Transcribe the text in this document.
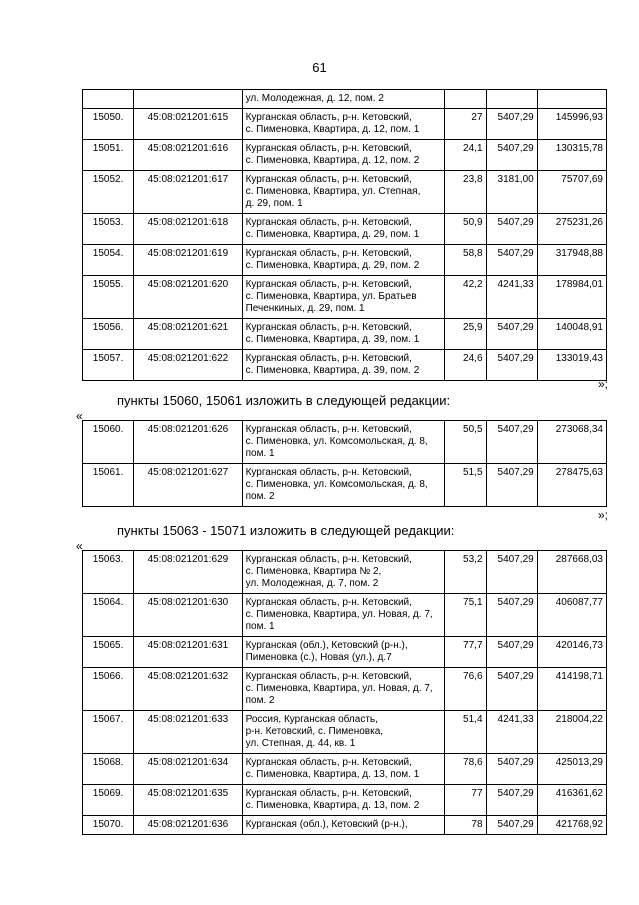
61
		ул. Молодежная, д. 12, пом. 2			
15050.	45:08:021201:615	Курганская область, р-н. Кетовский,
с. Пименовка, Квартира, д. 12, пом. 1	27	5407,29	145996,93
15051.	45:08:021201:616	Курганская область, р-н. Кетовский,
с. Пименовка, Квартира, д. 12, пом. 2	24,1	5407,29	130315,78
15052.	45:08:021201:617	Курганская область, р-н. Кетовский,
с. Пименовка, Квартира, ул. Степная,
д. 29, пом. 1	23,8	3181,00	75707,69
15053.	45:08:021201:618	Курганская область, р-н. Кетовский,
с. Пименовка, Квартира, д. 29, пом. 1	50,9	5407,29	275231,26
15054.	45:08:021201:619	Курганская область, р-н. Кетовский,
с. Пименовка, Квартира, д. 29, пом. 2	58,8	5407,29	317948,88
15055.	45:08:021201:620	Курганская область, р-н. Кетовский,
с. Пименовка, Квартира, ул. Братьев
Печенкиных, д. 29, пом. 1	42,2	4241,33	178984,01
15056.	45:08:021201:621	Курганская область, р-н. Кетовский,
с. Пименовка, Квартира, д. 39, пом. 1	25,9	5407,29	140048,91
15057.	45:08:021201:622	Курганская область, р-н. Кетовский,
с. Пименовка, Квартира, д. 39, пом. 2	24,6	5407,29	133019,43
»;
пункты 15060, 15061 изложить в следующей редакции:
«
15060.	45:08:021201:626	Курганская область, р-н. Кетовский,
с. Пименовка, ул. Комсомольская, д. 8,
пом. 1	50,5	5407,29	273068,34
15061.	45:08:021201:627	Курганская область, р-н. Кетовский,
с. Пименовка, ул. Комсомольская, д. 8,
пом. 2	51,5	5407,29	278475,63
»;
пункты 15063 - 15071 изложить в следующей редакции:
«
15063.	45:08:021201:629	Курганская область, р-н. Кетовский,
с. Пименовка, Квартира № 2,
ул. Молодежная, д. 7, пом. 2	53,2	5407,29	287668,03
15064.	45:08:021201:630	Курганская область, р-н. Кетовский,
с. Пименовка, Квартира, ул. Новая, д. 7,
пом. 1	75,1	5407,29	406087,77
15065.	45:08:021201:631	Курганская (обл.), Кетовский (р-н.),
Пименовка (с.), Новая (ул.), д.7	77,7	5407,29	420146,73
15066.	45:08:021201:632	Курганская область, р-н. Кетовский,
с. Пименовка, Квартира, ул. Новая, д. 7,
пом. 2	76,6	5407,29	414198,71
15067.	45:08:021201:633	Россия, Курганская область,
р-н. Кетовский, с. Пименовка,
ул. Степная, д. 44, кв. 1	51,4	4241,33	218004,22
15068.	45:08:021201:634	Курганская область, р-н. Кетовский,
с. Пименовка, Квартира, д. 13, пом. 1	78,6	5407,29	425013,29
15069.	45:08:021201:635	Курганская область, р-н. Кетовский,
с. Пименовка, Квартира, д. 13, пом. 2	77	5407,29	416361,62
15070.	45:08:021201:636	Курганская (обл.), Кетовский (р-н.),	78	5407,29	421768,92
